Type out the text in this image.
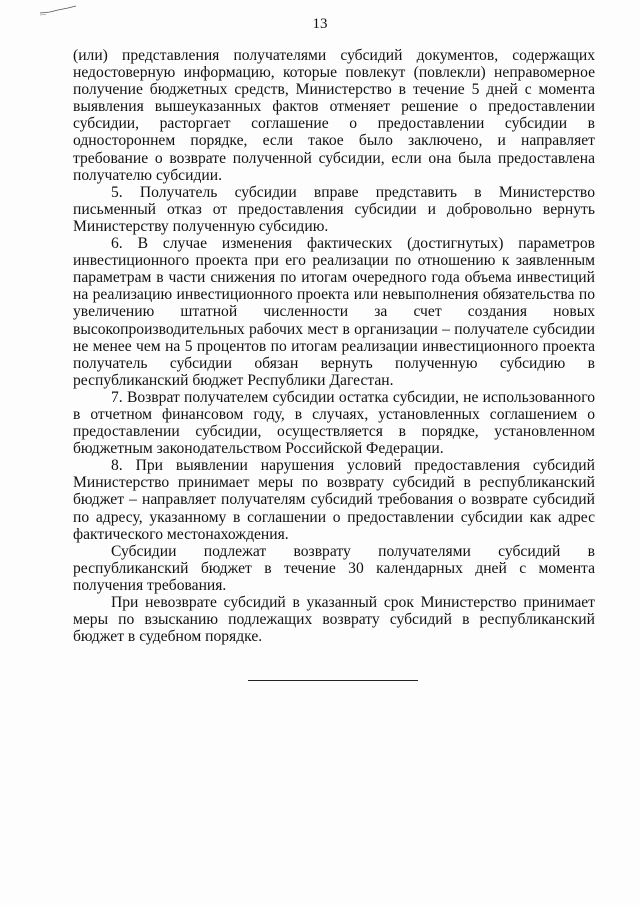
13

(или) представления получателями субсидий документов, содержащих недостоверную информацию, которые повлекут (повлекли) неправомерное получение бюджетных средств, Министерство в течение 5 дней с момента выявления вышеуказанных фактов отменяет решение о предоставлении субсидии, расторгает соглашение о предоставлении субсидии в одностороннем порядке, если такое было заключено, и направляет требование о возврате полученной субсидии, если она была предоставлена получателю субсидии.

5. Получатель субсидии вправе представить в Министерство письменный отказ от предоставления субсидии и добровольно вернуть Министерству полученную субсидию.

6. В случае изменения фактических (достигнутых) параметров инвестиционного проекта при его реализации по отношению к заявленным параметрам в части снижения по итогам очередного года объема инвестиций на реализацию инвестиционного проекта или невыполнения обязательства по увеличению штатной численности за счет создания новых высокопроизводительных рабочих мест в организации – получателе субсидии не менее чем на 5 процентов по итогам реализации инвестиционного проекта получатель субсидии обязан вернуть полученную субсидию в республиканский бюджет Республики Дагестан.

7. Возврат получателем субсидии остатка субсидии, не использованного в отчетном финансовом году, в случаях, установленных соглашением о предоставлении субсидии, осуществляется в порядке, установленном бюджетным законодательством Российской Федерации.

8. При выявлении нарушения условий предоставления субсидий Министерство принимает меры по возврату субсидий в республиканский бюджет – направляет получателям субсидий требования о возврате субсидий по адресу, указанному в соглашении о предоставлении субсидии как адрес фактического местонахождения.

Субсидии подлежат возврату получателями субсидий в республиканский бюджет в течение 30 календарных дней с момента получения требования.

При невозврате субсидий в указанный срок Министерство принимает меры по взысканию подлежащих возврату субсидий в республиканский бюджет в судебном порядке.
